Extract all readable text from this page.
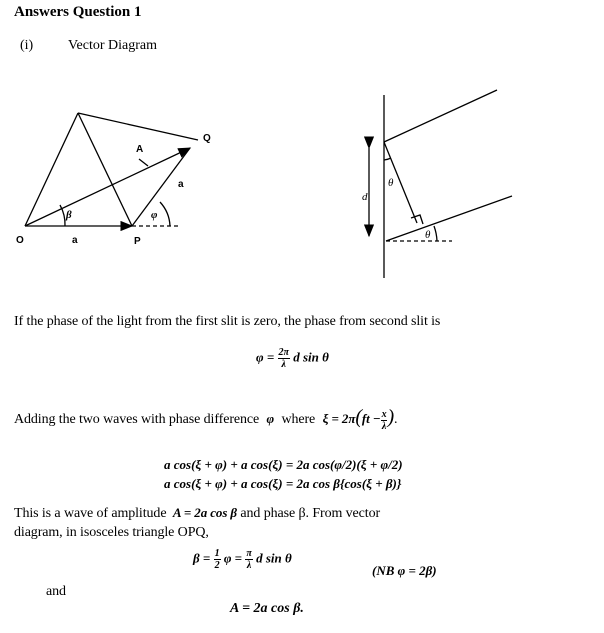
Answers Question 1
(i) Vector Diagram
O	P
Q
A
a
a
β	φ
θ
d
θ
If the phase of the light from the first slit is zero, the phase from second slit is
$\varphi = \frac{2\pi}{\lambda}$ d sin θ
Adding the two waves with phase difference φ where $\xi = 2\pi(ft - \frac{x}{\lambda}$ ).
a cos(ξ + φ) + a cos(ξ) = 2a cos(φ/2)(ξ + φ/2)
a cos(ξ + φ) + a cos(ξ) = 2a cos β{cos(ξ + β)}
This is a wave of amplitude A = 2a cos β and phase β. From vector
diagram, in isosceles triangle OPQ,
$\beta = \frac{1}{2}$ $\varphi = \frac{\pi}{\lambda}$ d sin θ
(NB φ = 2β)
and
A = 2a cos β.
